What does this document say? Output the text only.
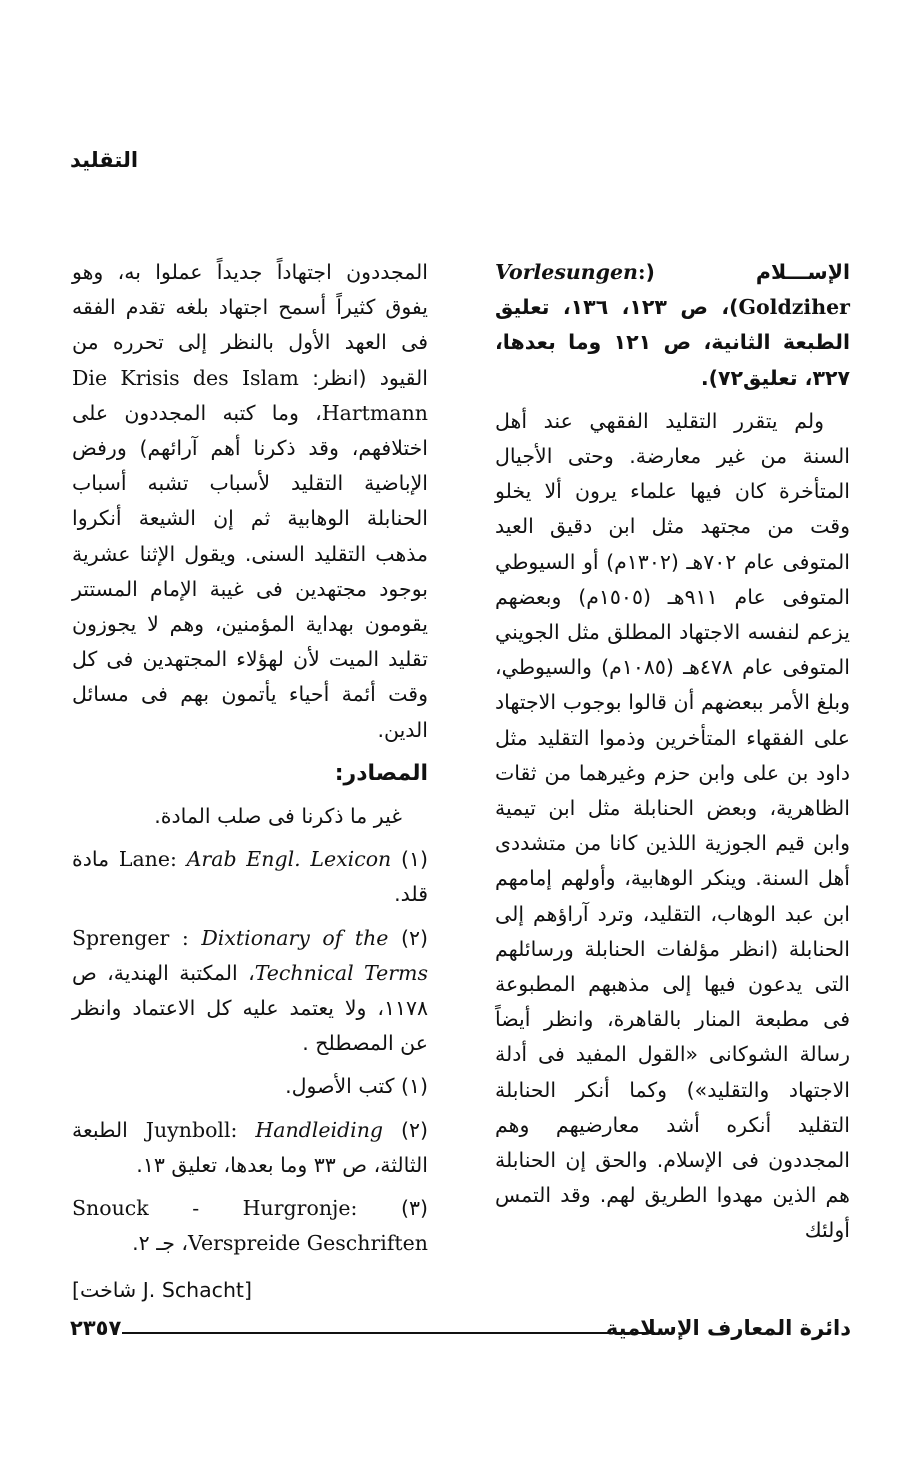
التقليد

الإســـلام (Vorlesungen: Goldziher)، ص ١٢٣، ١٣٦، تعليق الطبعة الثانية، ص ١٢١ وما بعدها، ٣٢٧، تعليق٧٢).

ولم يتقرر التقليد الفقهي عند أهل السنة من غير معارضة. وحتى الأجيال المتأخرة كان فيها علماء يرون ألا يخلو وقت من مجتهد مثل ابن دقيق العيد المتوفى عام ٧٠٢هـ (١٣٠٢م) أو السيوطي المتوفى عام ٩١١هـ (١٥٠٥م) وبعضهم يزعم لنفسه الاجتهاد المطلق مثل الجويني المتوفى عام ٤٧٨هـ (١٠٨٥م) والسيوطي، وبلغ الأمر ببعضهم أن قالوا بوجوب الاجتهاد على الفقهاء المتأخرين وذموا التقليد مثل داود بن على وابن حزم وغيرهما من ثقات الظاهرية، وبعض الحنابلة مثل ابن تيمية وابن قيم الجوزية اللذين كانا من متشددى أهل السنة. وينكر الوهابية، وأولهم إمامهم ابن عبد الوهاب، التقليد، وترد آراؤهم إلى الحنابلة (انظر مؤلفات الحنابلة ورسائلهم التى يدعون فيها إلى مذهبهم المطبوعة فى مطبعة المنار بالقاهرة، وانظر أيضاً رسالة الشوكانى «القول المفيد فى أدلة الاجتهاد والتقليد») وكما أنكر الحنابلة التقليد أنكره أشد معارضيهم وهم المجددون فى الإسلام. والحق إن الحنابلة هم الذين مهدوا الطريق لهم. وقد التمس أولئك

المجددون اجتهاداً جديداً عملوا به، وهو يفوق كثيراً أسمح اجتهاد بلغه تقدم الفقه فى العهد الأول بالنظر إلى تحرره من القيود (انظر: Die Krisis des Islam Hartmann، وما كتبه المجددون على اختلافهم، وقد ذكرنا أهم آرائهم) ورفض الإباضية التقليد لأسباب تشبه أسباب الحنابلة الوهابية ثم إن الشيعة أنكروا مذهب التقليد السنى. ويقول الإثنا عشرية بوجود مجتهدين فى غيبة الإمام المستتر يقومون بهداية المؤمنين، وهم لا يجوزون تقليد الميت لأن لهؤلاء المجتهدين فى كل وقت أئمة أحياء يأتمون بهم فى مسائل الدين.

المصادر:

غير ما ذكرنا فى صلب المادة.

(١) Lane: Arab Engl. Lexicon مادة قلد.

(٢) Sprenger : Dixtionary of the Technical Terms، المكتبة الهندية، ص ١١٧٨، ولا يعتمد عليه كل الاعتماد وانظر عن المصطلح .

(١) كتب الأصول.

(٢) Juynboll: Handleiding الطبعة الثالثة، ص ٣٣ وما بعدها، تعليق ١٣.

(٣) Snouck - Hurgronje: Verspreide Geschriften، جـ ٢.

[شاخت J. Schacht]
دائرة المعارف الإسلامية
٢٣٥٧
